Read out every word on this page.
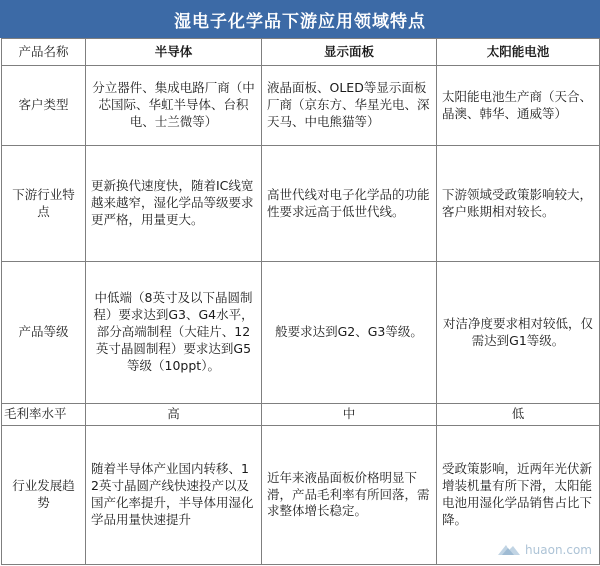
湿电子化学品下游应用领域特点
产品名称	半导体	显示面板	太阳能电池
客户类型	分立器件、集成电路厂商（中芯国际、华虹半导体、台积电、士兰微等）	液晶面板、OLED等显示面板厂商（京东方、华星光电、深天马、中电熊猫等）	太阳能电池生产商（天合、晶澳、韩华、通威等）
下游行业特点	更新换代速度快，随着IC线宽越来越窄，湿化学品等级要求更严格，用量更大。	高世代线对电子化学品的功能性要求远高于低世代线。	下游领域受政策影响较大，客户账期相对较长。
产品等级	中低端（8英寸及以下晶圆制程）要求达到G3、G4水平，部分高端制程（大硅片、12英寸晶圆制程）要求达到G5等级（10ppt）。	般要求达到G2、G3等级。	对洁净度要求相对较低，仅需达到G1等级。
毛利率水平	高	中	低
行业发展趋势	随着半导体产业国内转移、12英寸晶圆产线快速投产以及国产化率提升，半导体用湿化学品用量快速提升	近年来液晶面板价格明显下滑，产品毛利率有所回落，需求整体增长稳定。	受政策影响，近两年光伏新增装机量有所下滑，太阳能电池用湿化学品销售占比下降。
huaon.com
